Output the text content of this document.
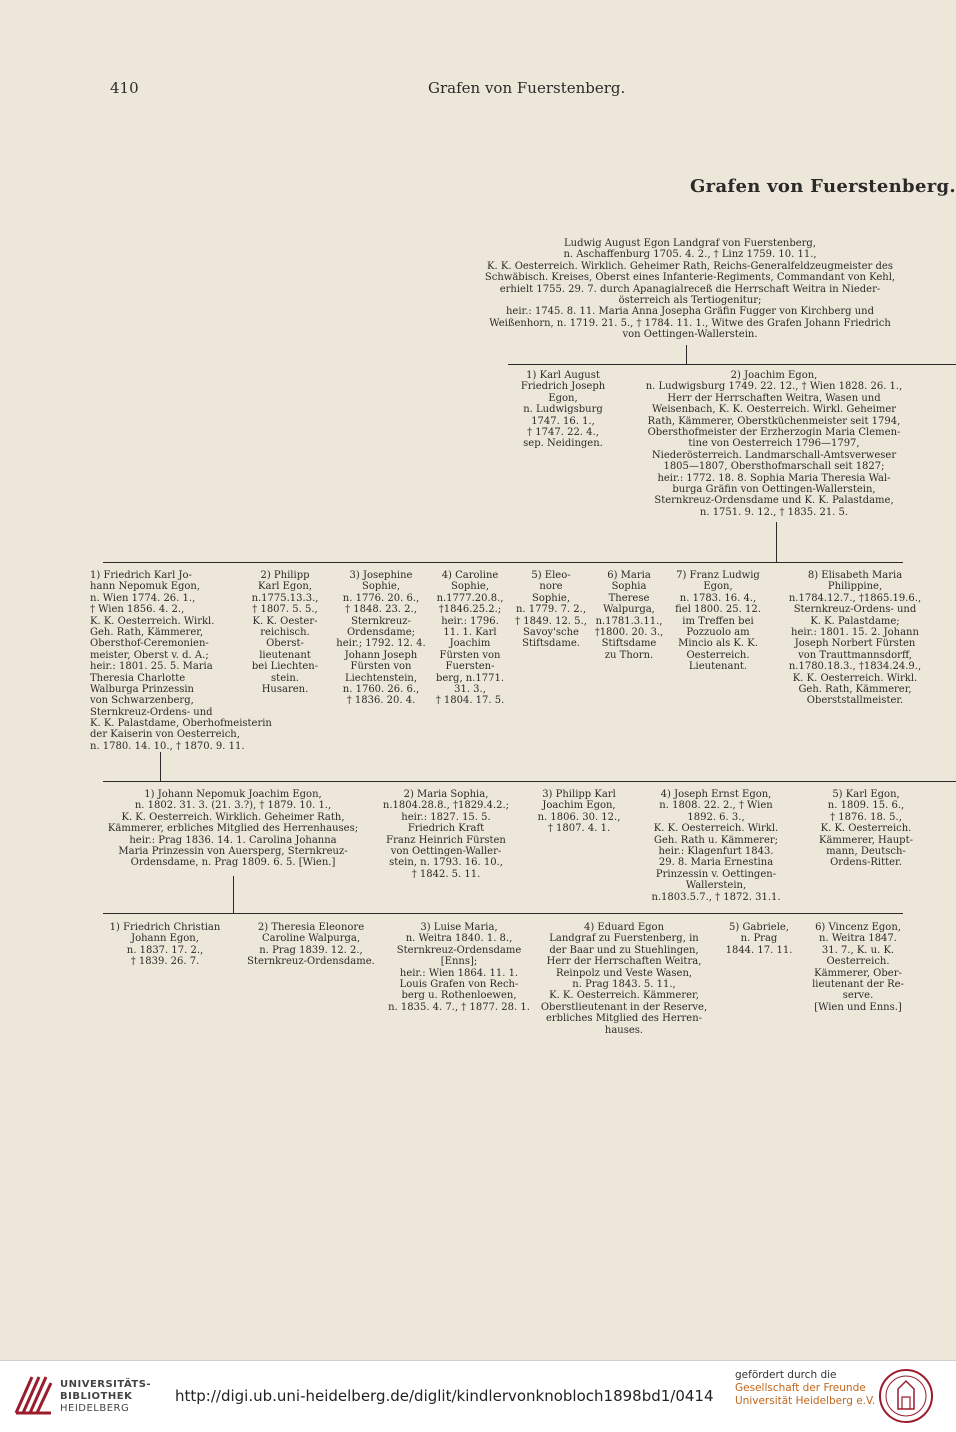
410	Grafen von Fuerstenberg.
Grafen von Fuerstenberg.
Ludwig August Egon Landgraf von Fuerstenberg,
n. Aschaffenburg 1705. 4. 2., † Linz 1759. 10. 11.,
K. K. Oesterreich. Wirklich. Geheimer Rath, Reichs-Generalfeldzeugmeister des
Schwäbisch. Kreises, Oberst eines Infanterie-Regiments, Commandant von Kehl,
erhielt 1755. 29. 7. durch Apanagialreceß die Herrschaft Weitra in Nieder-
österreich als Tertiogenitur;
heir.: 1745. 8. 11. Maria Anna Josepha Gräfin Fugger von Kirchberg und
Weißenhorn, n. 1719. 21. 5., † 1784. 11. 1., Witwe des Grafen Johann Friedrich
von Oettingen-Wallerstein.
1) Karl August
Friedrich Joseph
Egon,
n. Ludwigsburg
1747. 16. 1.,
† 1747. 22. 4.,
sep. Neidingen.
2) Joachim Egon,
n. Ludwigsburg 1749. 22. 12., † Wien 1828. 26. 1.,
Herr der Herrschaften Weitra, Wasen und
Weisenbach, K. K. Oesterreich. Wirkl. Geheimer
Rath, Kämmerer, Oberstküchenmeister seit 1794,
Obersthofmeister der Erzherzogin Maria Clemen-
tine von Oesterreich 1796—1797,
Niederösterreich. Landmarschall-Amtsverweser
1805—1807, Obersthofmarschall seit 1827;
heir.: 1772. 18. 8. Sophia Maria Theresia Wal-
burga Gräfin von Oettingen-Wallerstein,
Sternkreuz-Ordensdame und K. K. Palastdame,
n. 1751. 9. 12., † 1835. 21. 5.
1) Friedrich Karl Jo-
hann Nepomuk Egon,
n. Wien 1774. 26. 1.,
† Wien 1856. 4. 2.,
K. K. Oesterreich. Wirkl.
Geh. Rath, Kämmerer,
Obersthof-Ceremonien-
meister, Oberst v. d. A.;
heir.: 1801. 25. 5. Maria
Theresia Charlotte
Walburga Prinzessin
von Schwarzenberg,
Sternkreuz-Ordens- und
K. K. Palastdame, Oberhofmeisterin
der Kaiserin von Oesterreich,
n. 1780. 14. 10., † 1870. 9. 11.
2) Philipp
Karl Egon,
n.1775.13.3.,
† 1807. 5. 5.,
K. K. Oester-
reichisch.
Oberst-
lieutenant
bei Liechten-
stein.
Husaren.
3) Josephine
Sophie,
n. 1776. 20. 6.,
† 1848. 23. 2.,
Sternkreuz-
Ordensdame;
heir.; 1792. 12. 4.
Johann Joseph
Fürsten von
Liechtenstein,
n. 1760. 26. 6.,
† 1836. 20. 4.
4) Caroline
Sophie,
n.1777.20.8.,
†1846.25.2.;
heir.: 1796.
11. 1. Karl
Joachim
Fürsten von
Fuersten-
berg, n.1771.
31. 3.,
† 1804. 17. 5.
5) Eleo-
nore
Sophie,
n. 1779. 7. 2.,
† 1849. 12. 5.,
Savoy'sche
Stiftsdame.
6) Maria
Sophia
Therese
Walpurga,
n.1781.3.11.,
†1800. 20. 3.,
Stiftsdame
zu Thorn.
7) Franz Ludwig
Egon,
n. 1783. 16. 4.,
fiel 1800. 25. 12.
im Treffen bei
Pozzuolo am
Mincio als K. K.
Oesterreich.
Lieutenant.
8) Elisabeth Maria
Philippine,
n.1784.12.7., †1865.19.6.,
Sternkreuz-Ordens- und
K. K. Palastdame;
heir.: 1801. 15. 2. Johann
Joseph Norbert Fürsten
von Trauttmannsdorff,
n.1780.18.3., †1834.24.9.,
K. K. Oesterreich. Wirkl.
Geh. Rath, Kämmerer,
Oberststallmeister.
1) Johann Nepomuk Joachim Egon,
n. 1802. 31. 3. (21. 3.?), † 1879. 10. 1.,
K. K. Oesterreich. Wirklich. Geheimer Rath,
Kämmerer, erbliches Mitglied des Herrenhauses;
heir.: Prag 1836. 14. 1. Carolina Johanna
Maria Prinzessin von Auersperg, Sternkreuz-
Ordensdame, n. Prag 1809. 6. 5. [Wien.]
2) Maria Sophia,
n.1804.28.8., †1829.4.2.;
heir.: 1827. 15. 5.
Friedrich Kraft
Franz Heinrich Fürsten
von Oettingen-Waller-
stein, n. 1793. 16. 10.,
† 1842. 5. 11.
3) Philipp Karl
Joachim Egon,
n. 1806. 30. 12.,
† 1807. 4. 1.
4) Joseph Ernst Egon,
n. 1808. 22. 2., † Wien
1892. 6. 3.,
K. K. Oesterreich. Wirkl.
Geh. Rath u. Kämmerer;
heir.: Klagenfurt 1843.
29. 8. Maria Ernestina
Prinzessin v. Oettingen-
Wallerstein,
n.1803.5.7., † 1872. 31.1.
5) Karl Egon,
n. 1809. 15. 6.,
† 1876. 18. 5.,
K. K. Oesterreich.
Kämmerer, Haupt-
mann, Deutsch-
Ordens-Ritter.
1) Friedrich Christian
Johann Egon,
n. 1837. 17. 2.,
† 1839. 26. 7.
2) Theresia Eleonore
Caroline Walpurga,
n. Prag 1839. 12. 2.,
Sternkreuz-Ordensdame.
3) Luise Maria,
n. Weitra 1840. 1. 8.,
Sternkreuz-Ordensdame
[Enns];
heir.: Wien 1864. 11. 1.
Louis Grafen von Rech-
berg u. Rothenloewen,
n. 1835. 4. 7., † 1877. 28. 1.
4) Eduard Egon
Landgraf zu Fuerstenberg, in
der Baar und zu Stuehlingen,
Herr der Herrschaften Weitra,
Reinpolz und Veste Wasen,
n. Prag 1843. 5. 11.,
K. K. Oesterreich. Kämmerer,
Oberstlieutenant in der Reserve,
erbliches Mitglied des Herren-
hauses.
5) Gabriele,
n. Prag
1844. 17. 11.
6) Vincenz Egon,
n. Weitra 1847.
31. 7., K. u. K.
Oesterreich.
Kämmerer, Ober-
lieutenant der Re-
serve.
[Wien und Enns.]
UNIVERSITÄTS-
BIBLIOTHEK
HEIDELBERG
http://digi.ub.uni-heidelberg.de/diglit/kindlervonknobloch1898bd1/0414
gefördert durch die
Gesellschaft der Freunde
Universität Heidelberg e.V.
